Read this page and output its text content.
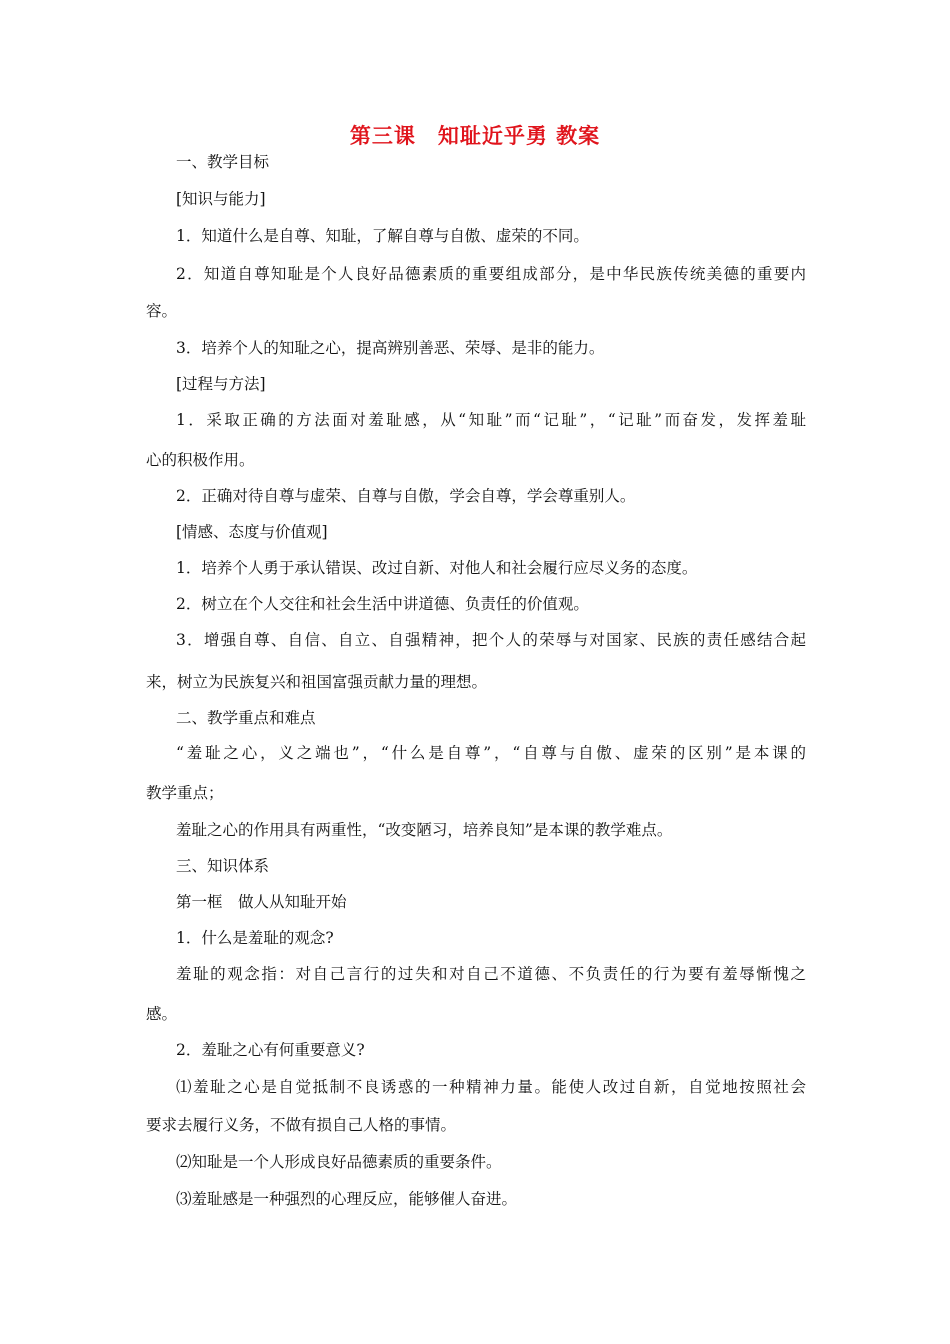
第三课　知耻近乎勇 教案
一、教学目标
[知识与能力]
1．知道什么是自尊、知耻，了解自尊与自傲、虚荣的不同。
2．知道自尊知耻是个人良好品德素质的重要组成部分，是中华民族传统美德的重要内
容。
3．培养个人的知耻之心，提高辨别善恶、荣辱、是非的能力。
[过程与方法]
1．采取正确的方法面对羞耻感，从“知耻”而“记耻”，“记耻”而奋发，发挥羞耻
心的积极作用。
2．正确对待自尊与虚荣、自尊与自傲，学会自尊，学会尊重别人。
[情感、态度与价值观]
1．培养个人勇于承认错误、改过自新、对他人和社会履行应尽义务的态度。
2．树立在个人交往和社会生活中讲道德、负责任的价值观。
3．增强自尊、自信、自立、自强精神，把个人的荣辱与对国家、民族的责任感结合起
来，树立为民族复兴和祖国富强贡献力量的理想。
二、教学重点和难点
“羞耻之心，义之端也”，“什么是自尊”，“自尊与自傲、虚荣的区别”是本课的
教学重点；
羞耻之心的作用具有两重性，“改变陋习，培养良知”是本课的教学难点。
三、知识体系
第一框　做人从知耻开始
1．什么是羞耻的观念?
羞耻的观念指：对自己言行的过失和对自己不道德、不负责任的行为要有羞辱惭愧之
感。
2．羞耻之心有何重要意义?
⑴羞耻之心是自觉抵制不良诱惑的一种精神力量。能使人改过自新，自觉地按照社会
要求去履行义务，不做有损自己人格的事情。
⑵知耻是一个人形成良好品德素质的重要条件。
⑶羞耻感是一种强烈的心理反应，能够催人奋进。
